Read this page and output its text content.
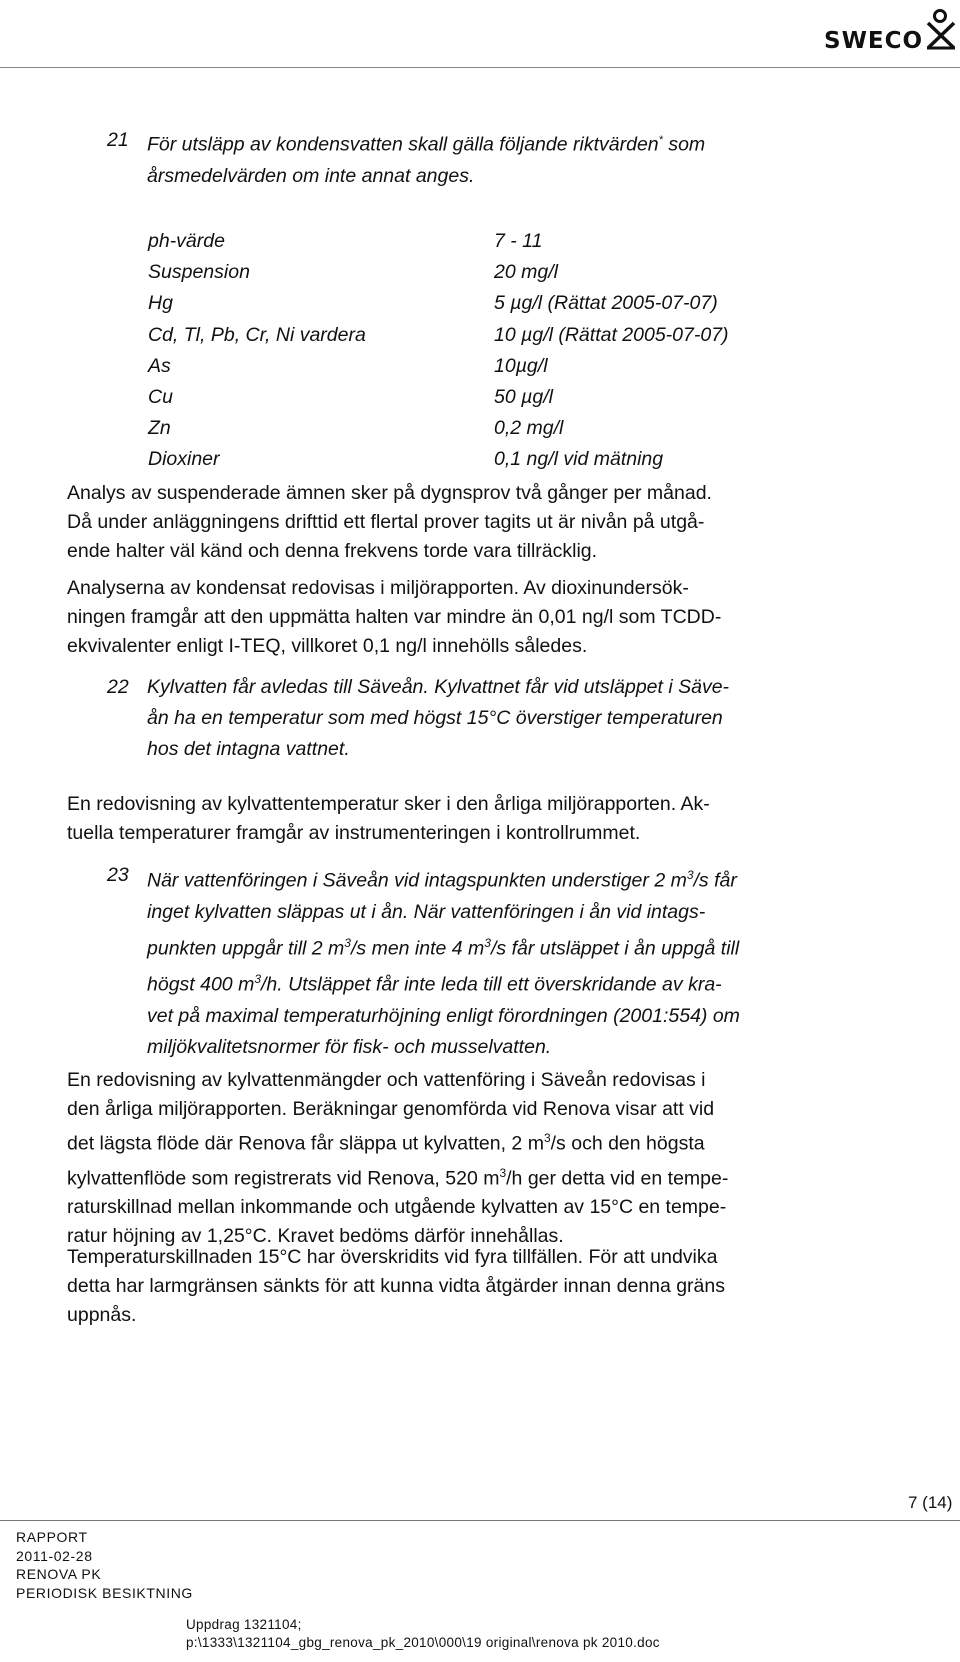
SWECO
21 För utsläpp av kondensvatten skall gälla följande riktvärden* som
årsmedelvärden om inte annat anges.
ph-värde	7 - 11
Suspension	20 mg/l
Hg	5 µg/l (Rättat 2005-07-07)
Cd, Tl, Pb, Cr, Ni vardera	10 µg/l (Rättat 2005-07-07)
As	10µg/l
Cu	50 µg/l
Zn	0,2 mg/l
Dioxiner	0,1 ng/l vid mätning
Analys av suspenderade ämnen sker på dygnsprov två gånger per månad.
Då under anläggningens drifttid ett flertal prover tagits ut är nivån på utgå-
ende halter väl känd och denna frekvens torde vara tillräcklig.
Analyserna av kondensat redovisas i miljörapporten. Av dioxinundersök-
ningen framgår att den uppmätta halten var mindre än 0,01 ng/l som TCDD-
ekvivalenter enligt I-TEQ, villkoret 0,1 ng/l innehölls således.
22 Kylvatten får avledas till Säveån. Kylvattnet får vid utsläppet i Säve-
ån ha en temperatur som med högst 15°C överstiger temperaturen
hos det intagna vattnet.
En redovisning av kylvattentemperatur sker i den årliga miljörapporten. Ak-
tuella temperaturer framgår av instrumenteringen i kontrollrummet.
23 När vattenföringen i Säveån vid intagspunkten understiger 2 $m^3/s$ får
inget kylvatten släppas ut i ån. När vattenföringen i ån vid intags-
punkten uppgår till 2 $m^3/s$ men inte 4 $m^3/s$ får utsläppet i ån uppgå till
högst 400 $m^3/h$. Utsläppet får inte leda till ett överskridande av kra-
vet på maximal temperaturhöjning enligt förordningen (2001:554) om
miljökvalitetsnormer för fisk- och musselvatten.
En redovisning av kylvattenmängder och vattenföring i Säveån redovisas i
den årliga miljörapporten. Beräkningar genomförda vid Renova visar att vid
det lägsta flöde där Renova får släppa ut kylvatten, 2 $m^3/s$ och den högsta
kylvattenflöde som registrerats vid Renova, 520 $m^3/h$ ger detta vid en tempe-
raturskillnad mellan inkommande och utgående kylvatten av 15°C en tempe-
ratur höjning av 1,25°C. Kravet bedöms därför innehållas.
Temperaturskillnaden 15°C har överskridits vid fyra tillfällen. För att undvika
detta har larmgränsen sänkts för att kunna vidta åtgärder innan denna gräns
uppnås.
7 (14)
RAPPORT
2011-02-28
RENOVA PK
PERIODISK BESIKTNING
Uppdrag 1321104;
p:\1333\1321104_gbg_renova_pk_2010\000\19 original\renova pk 2010.doc
